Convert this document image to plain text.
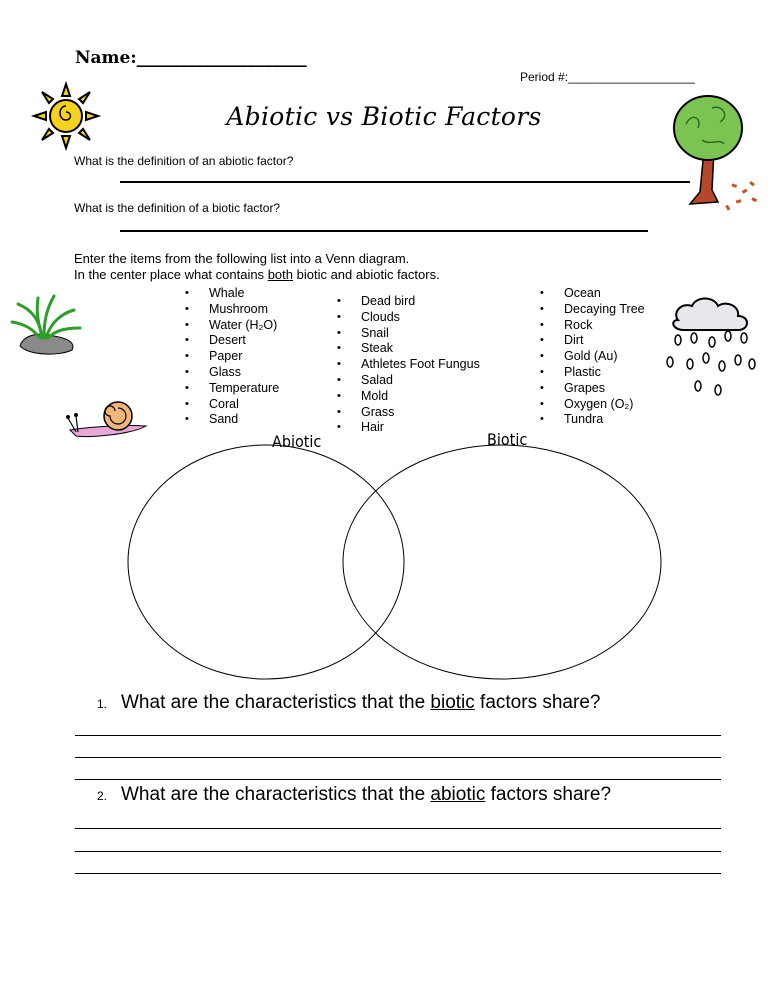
Name:____________________
Period #:___________________
Abiotic vs Biotic Factors
What is the definition of an abiotic factor?
What is the definition of a biotic factor?
Enter the items from the following list into a Venn diagram.
In the center place what contains both biotic and abiotic factors.
• Whale
• Mushroom
• Water (H₂O)
• Desert
• Paper
• Glass
• Temperature
• Coral
• Sand
• Dead bird
• Clouds
• Snail
• Steak
• Athletes Foot Fungus
• Salad
• Mold
• Grass
• Hair
• Ocean
• Decaying Tree
• Rock
• Dirt
• Gold (Au)
• Plastic
• Grapes
• Oxygen (O₂)
• Tundra
Abiotic	Biotic
1. What are the characteristics that the biotic factors share?
2. What are the characteristics that the abiotic factors share?
